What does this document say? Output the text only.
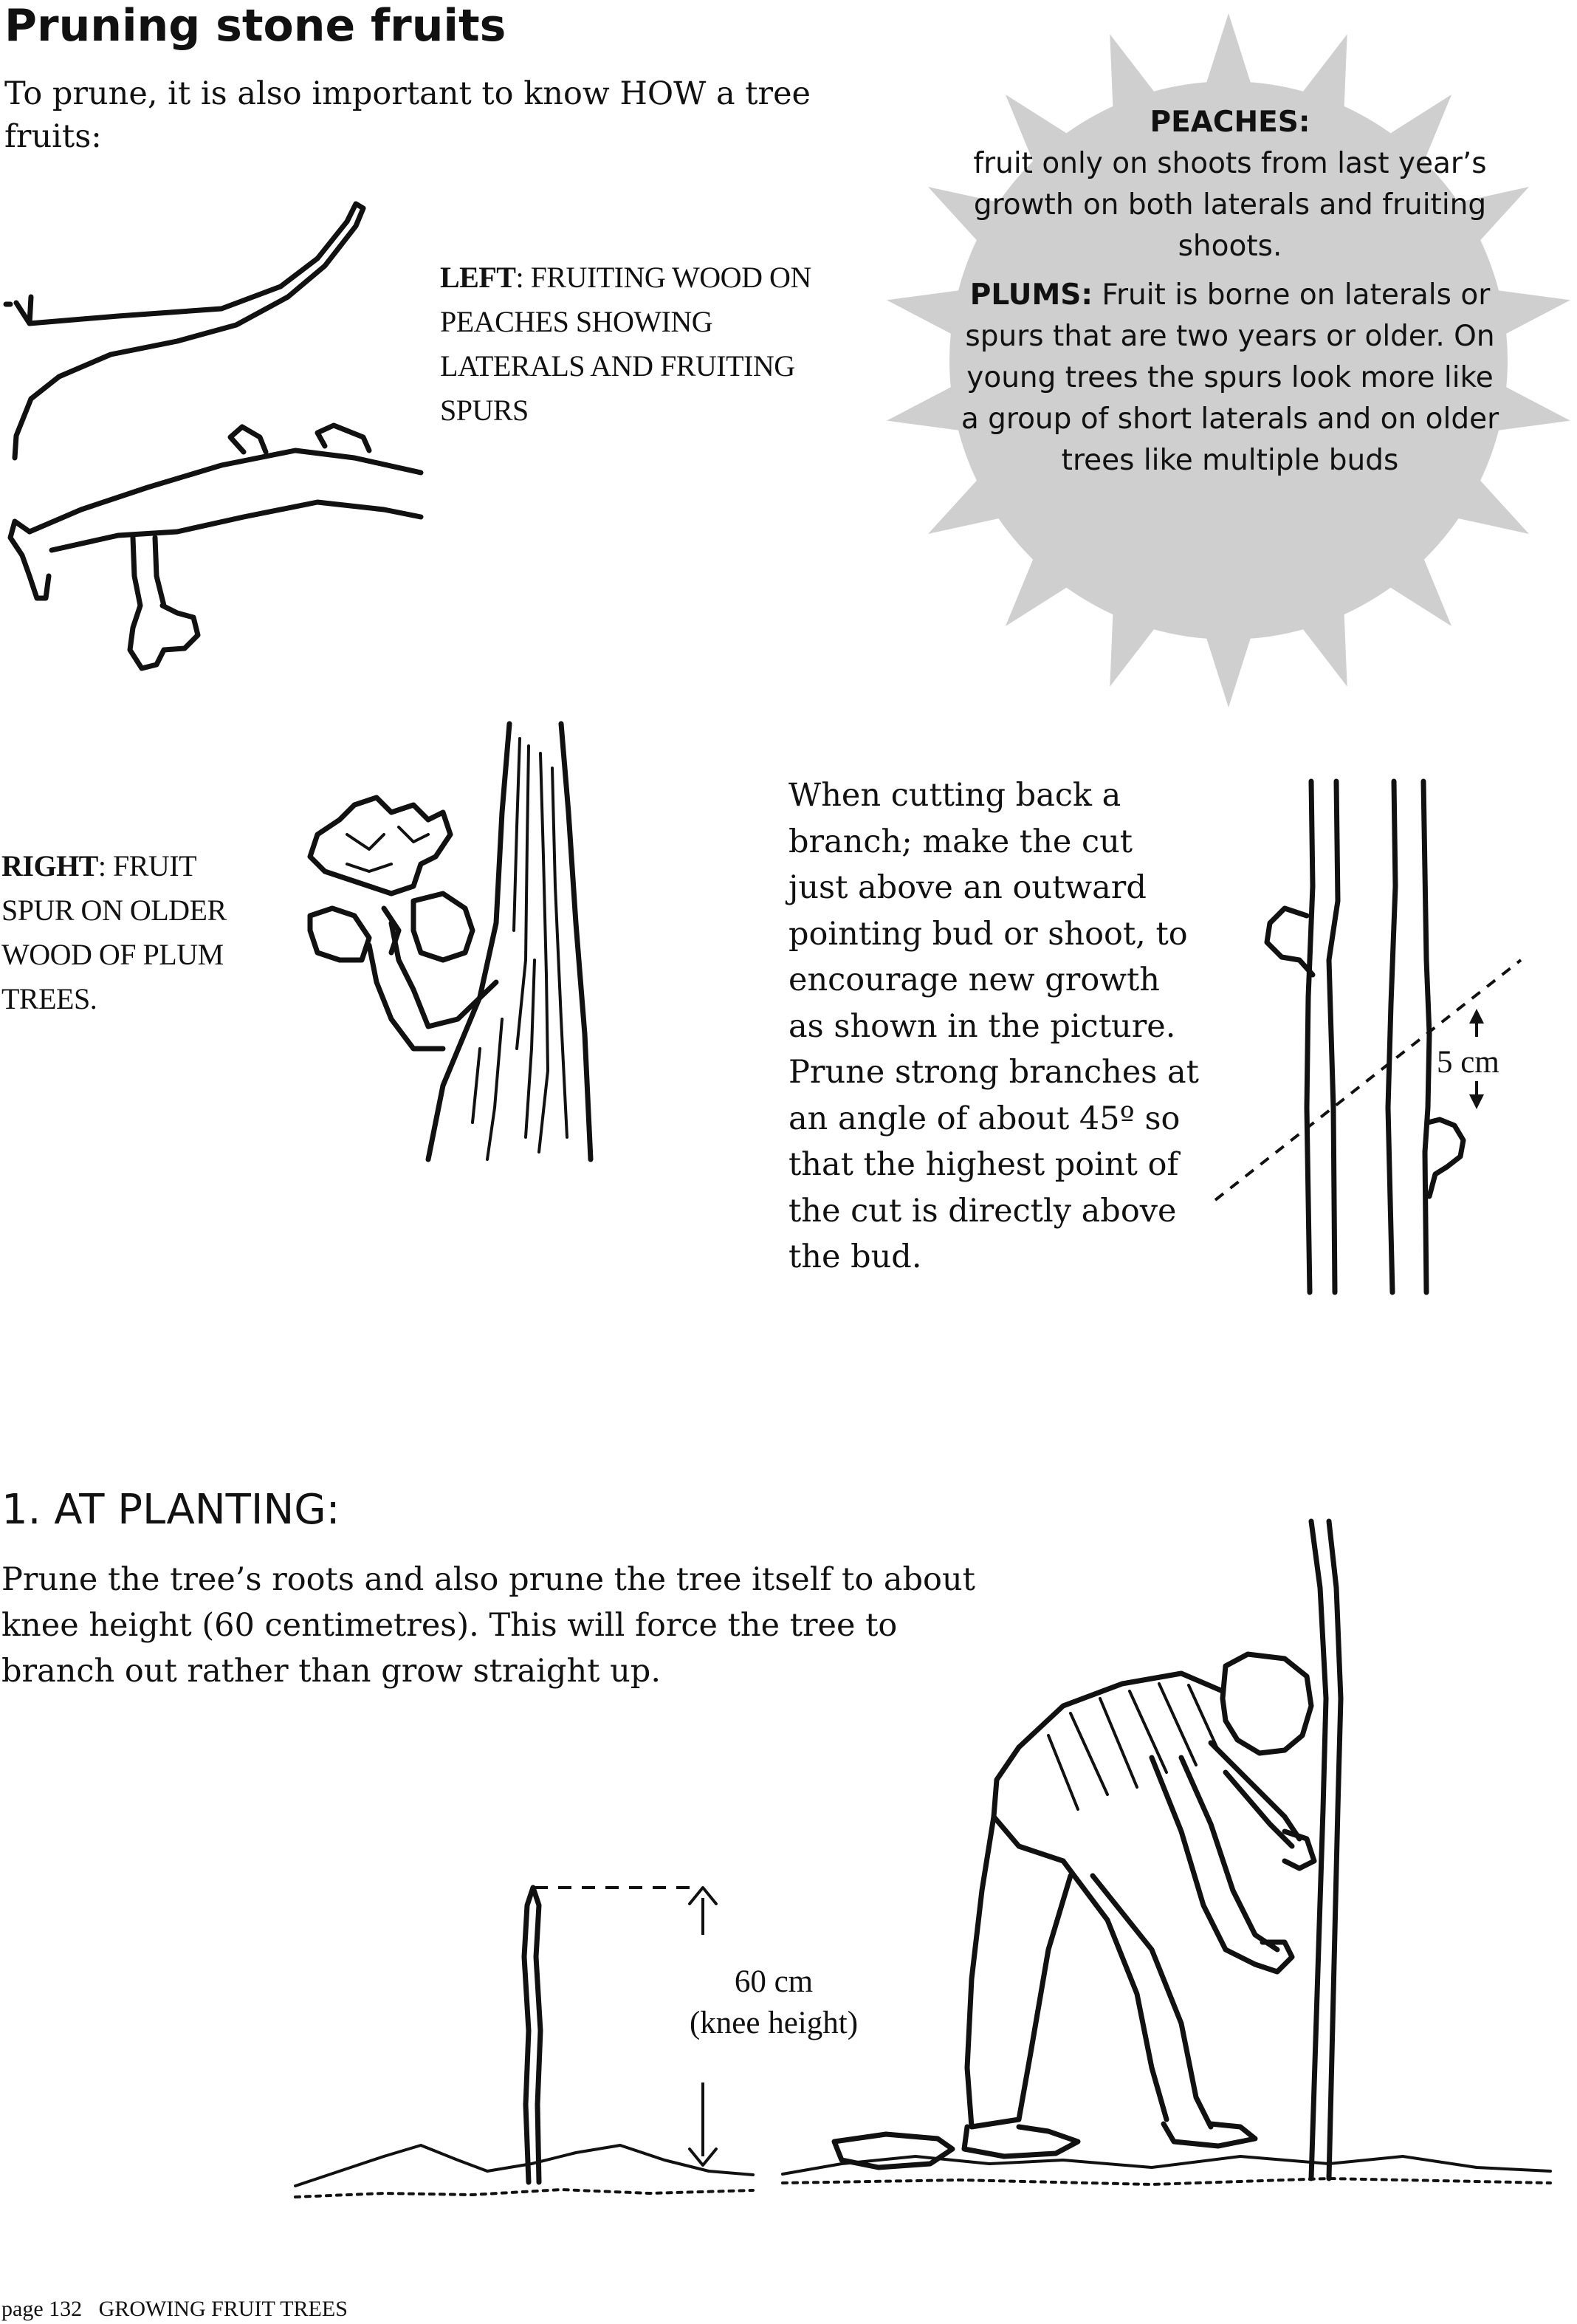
Pruning stone fruits
To prune, it is also important to know HOW a tree fruits:	PEACHES:
fruit only on shoots from last year’s growth on both laterals and fruiting shoots.
PLUMS: Fruit is borne on laterals or spurs that are two years or older. On young trees the spurs look more like a group of short laterals and on older trees like multiple buds
LEFT: FRUITING WOOD ON PEACHES SHOWING LATERALS AND FRUITING SPURS
RIGHT: FRUIT SPUR ON OLDER WOOD OF PLUM TREES.
When cutting back a branch; make the cut just above an outward pointing bud or shoot, to encourage new growth as shown in the picture. Prune strong branches at an angle of about 45º so that the highest point of the cut is directly above the bud.
5 cm
1. AT PLANTING:
Prune the tree’s roots and also prune the tree itself to about knee height (60 centimetres). This will force the tree to branch out rather than grow straight up.
60 cm
(knee height)
page 132 GROWING FRUIT TREES
